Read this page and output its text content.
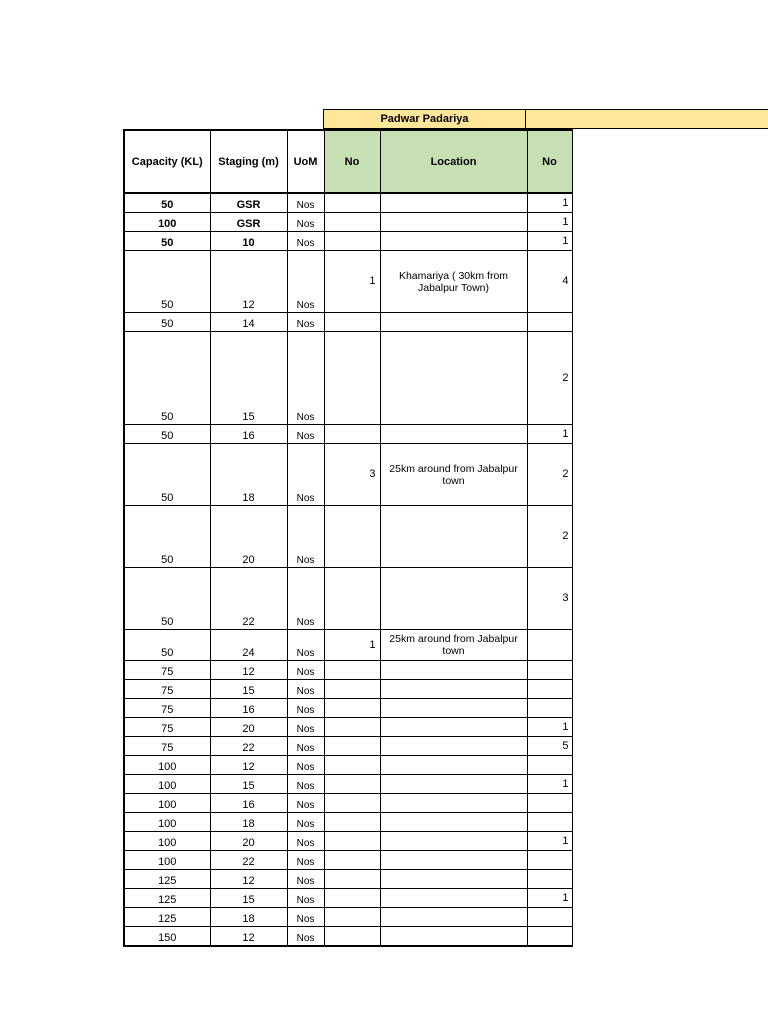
Padwar Padariya
Capacity (KL)	Staging (m)	UoM	No	Location	No
50	GSR	Nos			1
100	GSR	Nos			1
50	10	Nos			1
50	12	Nos	1	Khamariya ( 30km from Jabalpur Town)	4
50	14	Nos			
50	15	Nos			2
50	16	Nos			1
50	18	Nos	3	25km around from Jabalpur town	2
50	20	Nos			2
50	22	Nos			3
50	24	Nos	1	25km around from Jabalpur town	
75	12	Nos			
75	15	Nos			
75	16	Nos			
75	20	Nos			1
75	22	Nos			5
100	12	Nos			
100	15	Nos			1
100	16	Nos			
100	18	Nos			
100	20	Nos			1
100	22	Nos			
125	12	Nos			
125	15	Nos			1
125	18	Nos			
150	12	Nos			
